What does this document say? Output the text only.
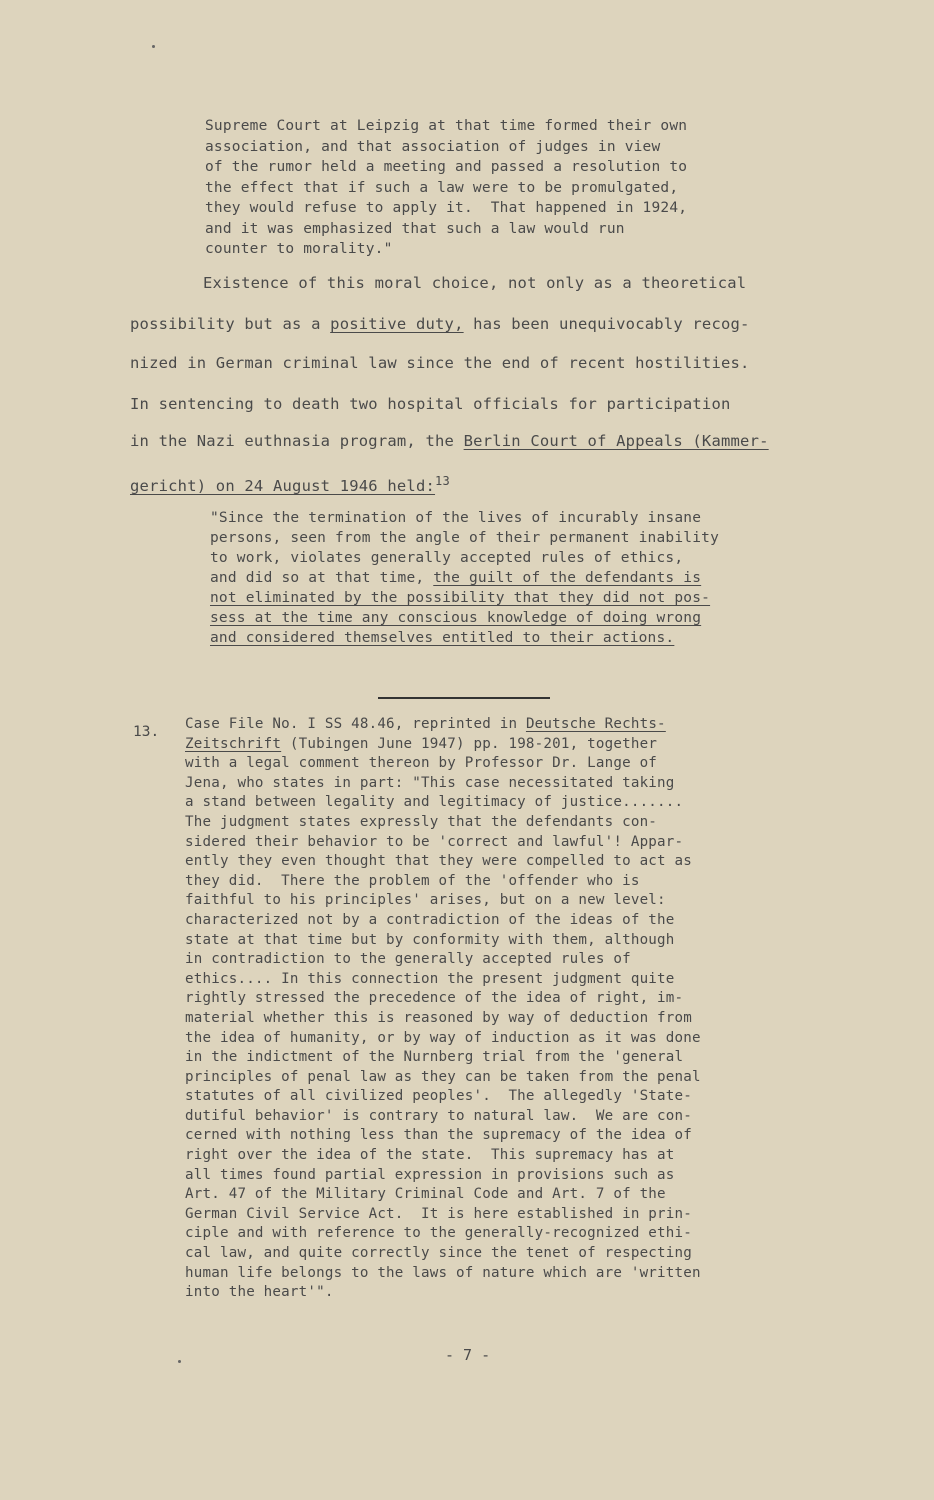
Supreme Court at Leipzig at that time formed their own
association, and that association of judges in view
of the rumor held a meeting and passed a resolution to
the effect that if such a law were to be promulgated,
they would refuse to apply it.  That happened in 1924,
and it was emphasized that such a law would run
counter to morality."
Existence of this moral choice, not only as a theoretical
possibility but as a positive duty, has been unequivocably recog-
nized in German criminal law since the end of recent hostilities.
In sentencing to death two hospital officials for participation
in the Nazi euthnasia program, the Berlin Court of Appeals (Kammer-
gericht) on 24 August 1946 held:$^{13}$
"Since the termination of the lives of incurably insane
persons, seen from the angle of their permanent inability
to work, violates generally accepted rules of ethics,
and did so at that time, the guilt of the defendants is
not eliminated by the possibility that they did not pos-
sess at the time any conscious knowledge of doing wrong
and considered themselves entitled to their actions.
13. Case File No. I SS 48.46, reprinted in Deutsche Rechts-
Zeitschrift (Tubingen June 1947) pp. 198-201, together
with a legal comment thereon by Professor Dr. Lange of
Jena, who states in part: "This case necessitated taking
a stand between legality and legitimacy of justice.......
The judgment states expressly that the defendants con-
sidered their behavior to be 'correct and lawful'! Appar-
ently they even thought that they were compelled to act as
they did.  There the problem of the 'offender who is
faithful to his principles' arises, but on a new level:
characterized not by a contradiction of the ideas of the
state at that time but by conformity with them, although
in contradiction to the generally accepted rules of
ethics.... In this connection the present judgment quite
rightly stressed the precedence of the idea of right, im-
material whether this is reasoned by way of deduction from
the idea of humanity, or by way of induction as it was done
in the indictment of the Nurnberg trial from the 'general
principles of penal law as they can be taken from the penal
statutes of all civilized peoples'.  The allegedly 'State-
dutiful behavior' is contrary to natural law.  We are con-
cerned with nothing less than the supremacy of the idea of
right over the idea of the state.  This supremacy has at
all times found partial expression in provisions such as
Art. 47 of the Military Criminal Code and Art. 7 of the
German Civil Service Act.  It is here established in prin-
ciple and with reference to the generally-recognized ethi-
cal law, and quite correctly since the tenet of respecting
human life belongs to the laws of nature which are 'written
into the heart'".
- 7 -
